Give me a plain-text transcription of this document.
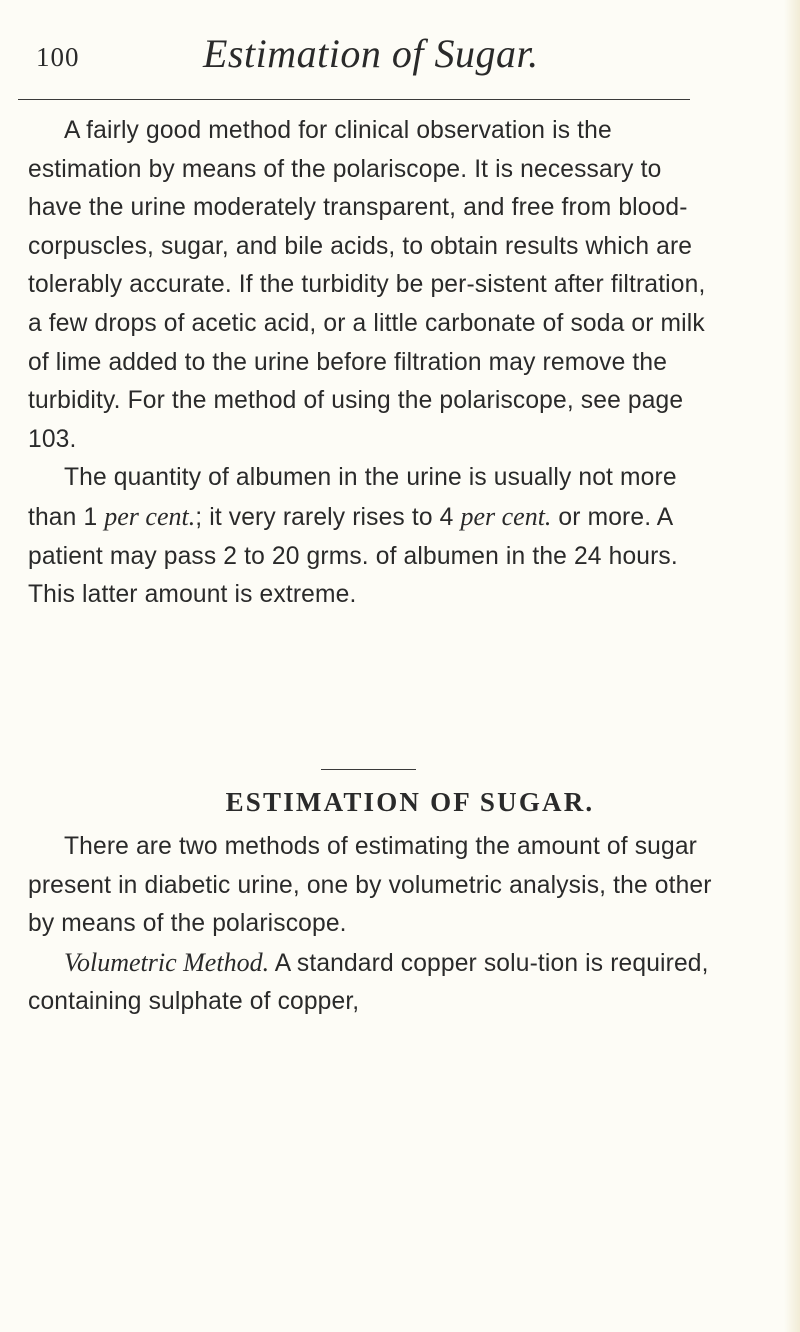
100	Estimation of Sugar.

A fairly good method for clinical observation is the estimation by means of the polariscope. It is necessary to have the urine moderately transparent, and free from blood-corpuscles, sugar, and bile acids, to obtain results which are tolerably accurate. If the turbidity be per-sistent after filtration, a few drops of acetic acid, or a little carbonate of soda or milk of lime added to the urine before filtration may remove the turbidity. For the method of using the polariscope, see page 103.

The quantity of albumen in the urine is usually not more than 1 per cent.; it very rarely rises to 4 per cent. or more. A patient may pass 2 to 20 grms. of albumen in the 24 hours. This latter amount is extreme.

ESTIMATION OF SUGAR.

There are two methods of estimating the amount of sugar present in diabetic urine, one by volumetric analysis, the other by means of the polariscope.

Volumetric Method. A standard copper solu-tion is required, containing sulphate of copper,
